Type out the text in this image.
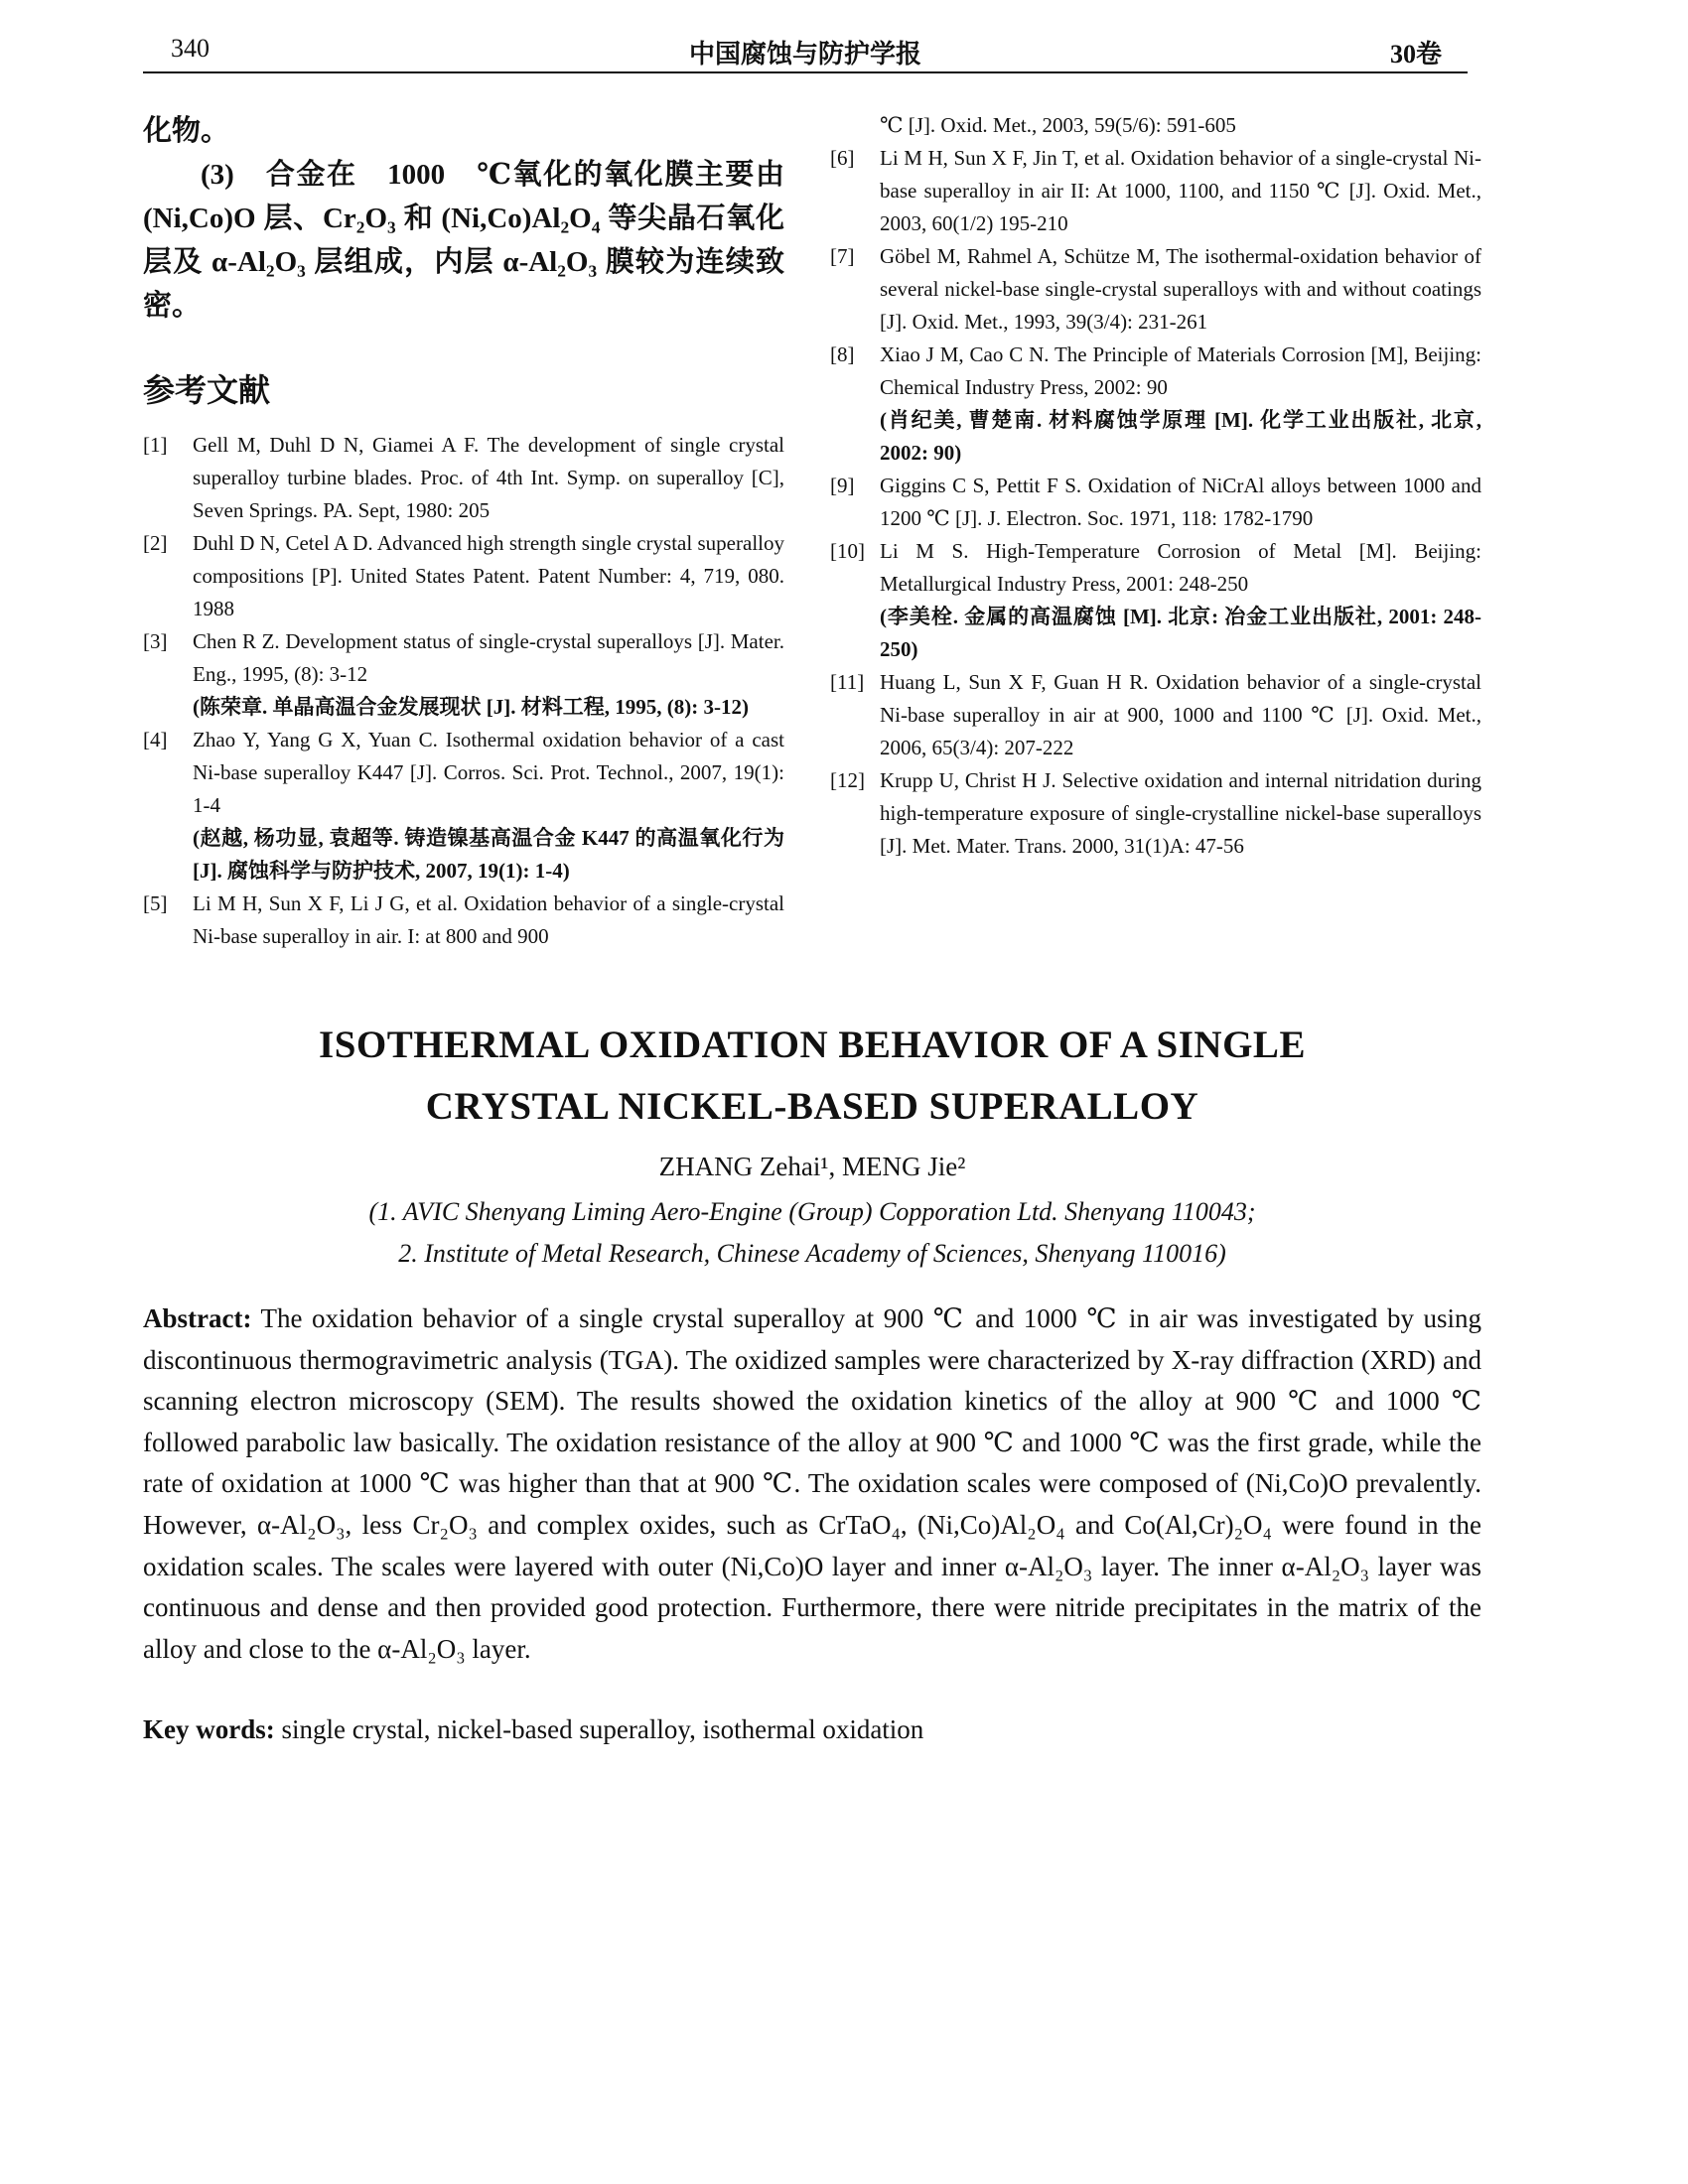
340	中国腐蚀与防护学报	30卷

化物。

(3)　合金在　1000　℃氧化的氧化膜主要由 (Ni,Co)O 层、Cr₂O₃ 和 (Ni,Co)Al₂O₄ 等尖晶石氧化层及 α-Al₂O₃ 层组成，内层 α-Al₂O₃ 膜较为连续致密。

参考文献
[1]	Gell M, Duhl D N, Giamei A F. The development of single crystal superalloy turbine blades. Proc. of 4th Int. Symp. on superalloy [C], Seven Springs. PA. Sept, 1980: 205
[2]	Duhl D N, Cetel A D. Advanced high strength single crystal superalloy compositions [P]. United States Patent. Patent Number: 4, 719, 080. 1988
[3]	Chen R Z. Development status of single-crystal superalloys [J]. Mater. Eng., 1995, (8): 3-12
(陈荣章. 单晶高温合金发展现状 [J]. 材料工程, 1995, (8): 3-12)
[4]	Zhao Y, Yang G X, Yuan C. Isothermal oxidation behavior of a cast Ni-base superalloy K447 [J]. Corros. Sci. Prot. Technol., 2007, 19(1): 1-4
(赵越, 杨功显, 袁超等. 铸造镍基高温合金 K447 的高温氧化行为 [J]. 腐蚀科学与防护技术, 2007, 19(1): 1-4)
[5]	Li M H, Sun X F, Li J G, et al. Oxidation behavior of a single-crystal Ni-base superalloy in air. I: at 800 and 900
℃ [J]. Oxid. Met., 2003, 59(5/6): 591-605
[6]	Li M H, Sun X F, Jin T, et al. Oxidation behavior of a single-crystal Ni-base superalloy in air II: At 1000, 1100, and 1150 ℃ [J]. Oxid. Met., 2003, 60(1/2) 195-210
[7]	Göbel M, Rahmel A, Schütze M, The isothermal-oxidation behavior of several nickel-base single-crystal superalloys with and without coatings [J]. Oxid. Met., 1993, 39(3/4): 231-261
[8]	Xiao J M, Cao C N. The Principle of Materials Corrosion [M], Beijing: Chemical Industry Press, 2002: 90
(肖纪美, 曹楚南. 材料腐蚀学原理 [M]. 化学工业出版社, 北京, 2002: 90)
[9]	Giggins C S, Pettit F S. Oxidation of NiCrAl alloys between 1000 and 1200 ℃ [J]. J. Electron. Soc. 1971, 118: 1782-1790
[10] Li M S. High-Temperature Corrosion of Metal [M]. Beijing: Metallurgical Industry Press, 2001: 248-250
(李美栓. 金属的高温腐蚀 [M]. 北京: 冶金工业出版社, 2001: 248-250)
[11] Huang L, Sun X F, Guan H R. Oxidation behavior of a single-crystal Ni-base superalloy in air at 900, 1000 and 1100 ℃ [J]. Oxid. Met., 2006, 65(3/4): 207-222
[12] Krupp U, Christ H J. Selective oxidation and internal nitridation during high-temperature exposure of single-crystalline nickel-base superalloys [J]. Met. Mater. Trans. 2000, 31(1)A: 47-56
ISOTHERMAL OXIDATION BEHAVIOR OF A SINGLE
CRYSTAL NICKEL-BASED SUPERALLOY
ZHANG Zehai¹, MENG Jie²
(1. AVIC Shenyang Liming Aero-Engine (Group) Copporation Ltd. Shenyang 110043;
2. Institute of Metal Research, Chinese Academy of Sciences, Shenyang 110016)
Abstract: The oxidation behavior of a single crystal superalloy at 900 ℃ and 1000 ℃ in air was investigated by using discontinuous thermogravimetric analysis (TGA). The oxidized samples were characterized by X-ray diffraction (XRD) and scanning electron microscopy (SEM). The results showed the oxidation kinetics of the alloy at 900 ℃ and 1000 ℃ followed parabolic law basically. The oxidation resistance of the alloy at 900 ℃ and 1000 ℃ was the first grade, while the rate of oxidation at 1000 ℃ was higher than that at 900 ℃. The oxidation scales were composed of (Ni,Co)O prevalently. However, α-Al₂O₃, less Cr₂O₃ and complex oxides, such as CrTaO₄, (Ni,Co)Al₂O₄ and Co(Al,Cr)₂O₄ were found in the oxidation scales. The scales were layered with outer (Ni,Co)O layer and inner α-Al₂O₃ layer. The inner α-Al₂O₃ layer was continuous and dense and then provided good protection. Furthermore, there were nitride precipitates in the matrix of the alloy and close to the α-Al₂O₃ layer.
Key words: single crystal, nickel-based superalloy, isothermal oxidation
